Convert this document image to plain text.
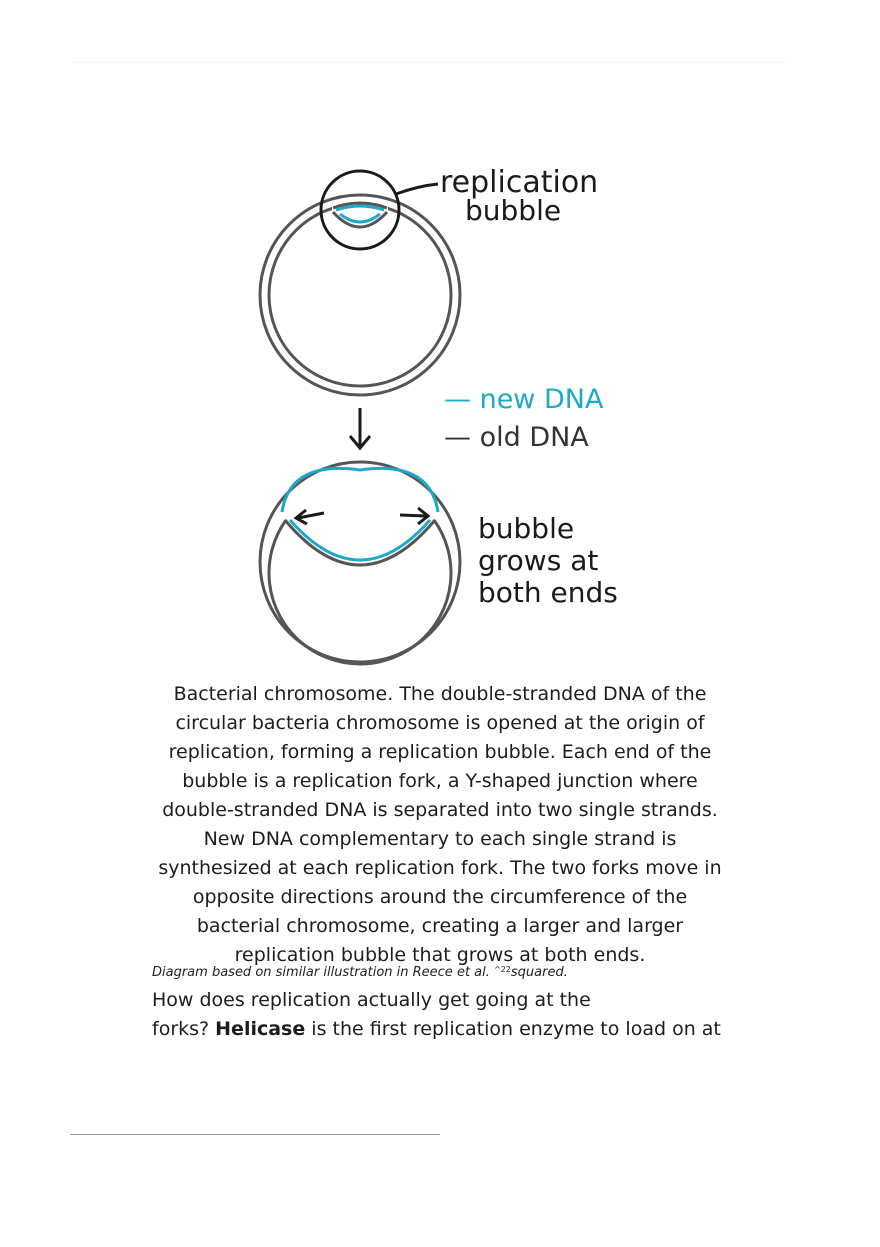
replication
bubble
— new DNA
— old DNA
bubble
grows at
both ends
Bacterial chromosome. The double-stranded DNA of the circular bacteria chromosome is opened at the origin of replication, forming a replication bubble. Each end of the bubble is a replication fork, a Y-shaped junction where double-stranded DNA is separated into two single strands. New DNA complementary to each single strand is synthesized at each replication fork. The two forks move in opposite directions around the circumference of the bacterial chromosome, creating a larger and larger replication bubble that grows at both ends.
Diagram based on similar illustration in Reece et al. $^{\^{}22}$squared.
How does replication actually get going at the
forks? Helicase is the first replication enzyme to load on at
